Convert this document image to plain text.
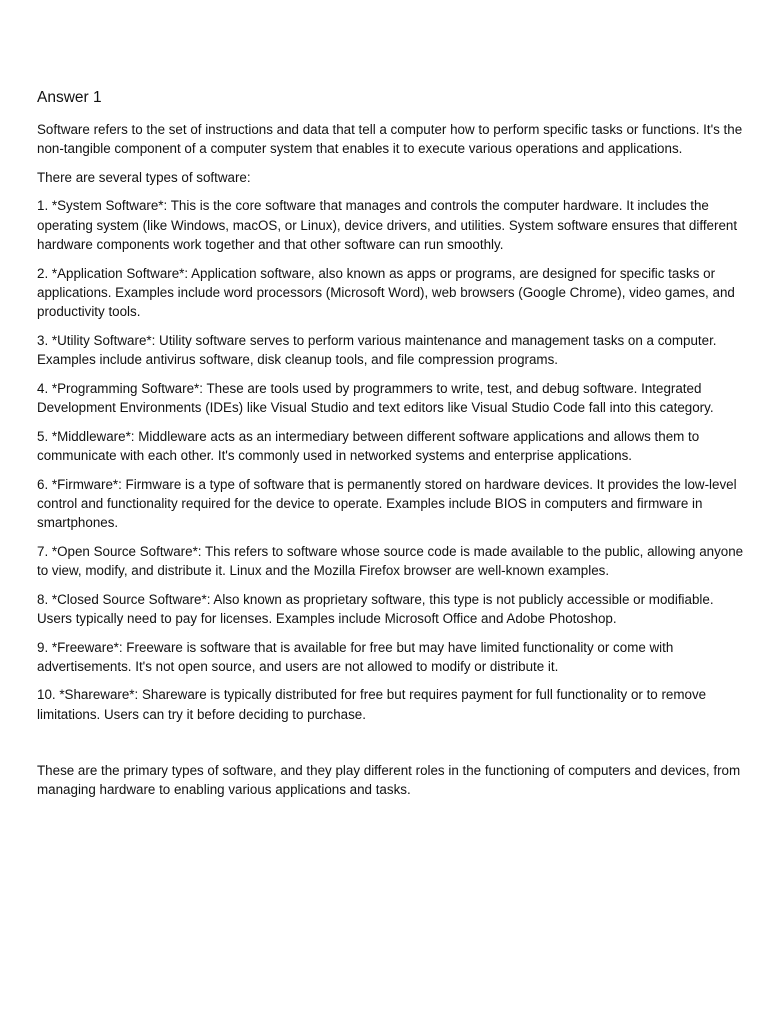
Answer 1

Software refers to the set of instructions and data that tell a computer how to perform specific tasks or functions. It's the non-tangible component of a computer system that enables it to execute various operations and applications.

There are several types of software:

1. *System Software*: This is the core software that manages and controls the computer hardware. It includes the operating system (like Windows, macOS, or Linux), device drivers, and utilities. System software ensures that different hardware components work together and that other software can run smoothly.

2. *Application Software*: Application software, also known as apps or programs, are designed for specific tasks or applications. Examples include word processors (Microsoft Word), web browsers (Google Chrome), video games, and productivity tools.

3. *Utility Software*: Utility software serves to perform various maintenance and management tasks on a computer. Examples include antivirus software, disk cleanup tools, and file compression programs.

4. *Programming Software*: These are tools used by programmers to write, test, and debug software. Integrated Development Environments (IDEs) like Visual Studio and text editors like Visual Studio Code fall into this category.

5. *Middleware*: Middleware acts as an intermediary between different software applications and allows them to communicate with each other. It's commonly used in networked systems and enterprise applications.

6. *Firmware*: Firmware is a type of software that is permanently stored on hardware devices. It provides the low-level control and functionality required for the device to operate. Examples include BIOS in computers and firmware in smartphones.

7. *Open Source Software*: This refers to software whose source code is made available to the public, allowing anyone to view, modify, and distribute it. Linux and the Mozilla Firefox browser are well-known examples.

8. *Closed Source Software*: Also known as proprietary software, this type is not publicly accessible or modifiable. Users typically need to pay for licenses. Examples include Microsoft Office and Adobe Photoshop.

9. *Freeware*: Freeware is software that is available for free but may have limited functionality or come with advertisements. It's not open source, and users are not allowed to modify or distribute it.

10. *Shareware*: Shareware is typically distributed for free but requires payment for full functionality or to remove limitations. Users can try it before deciding to purchase.

These are the primary types of software, and they play different roles in the functioning of computers and devices, from managing hardware to enabling various applications and tasks.
